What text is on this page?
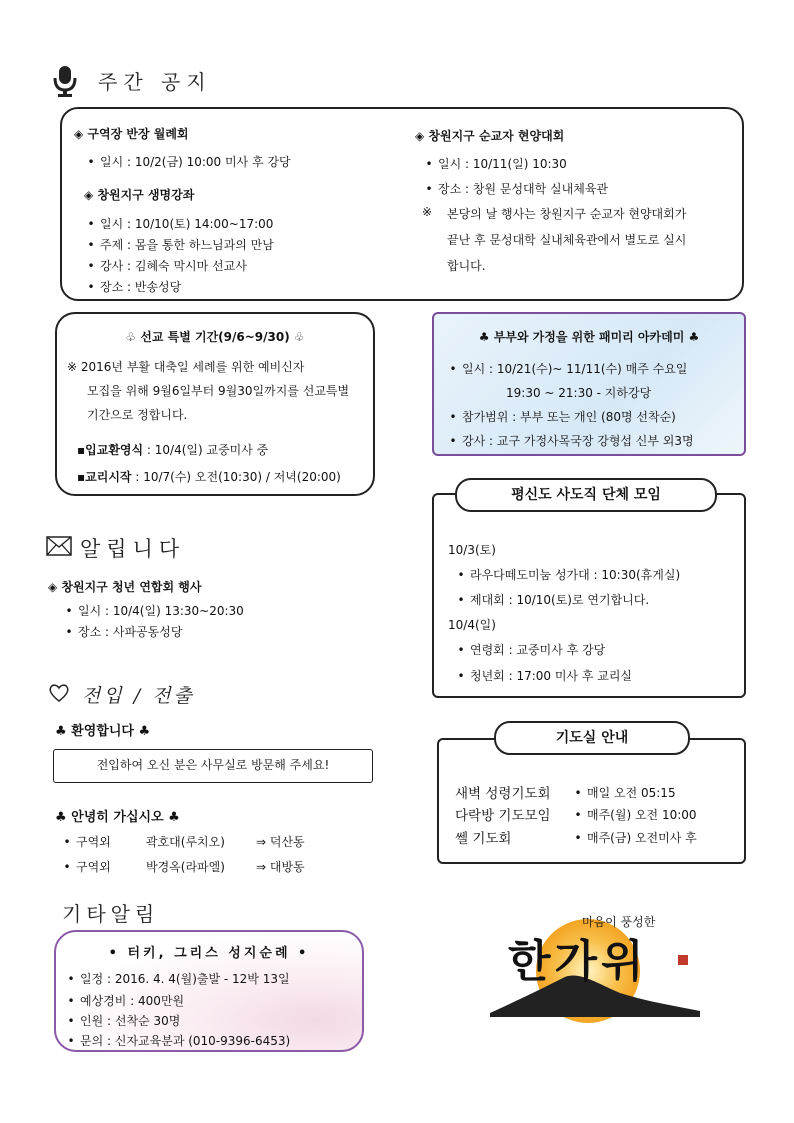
주간 공지
◈ 구역장 반장 월례회
• 일시 : 10/2(금) 10:00 미사 후 강당
◈ 창원지구 생명강좌
• 일시 : 10/10(토) 14:00~17:00
• 주제 : 몸을 통한 하느님과의 만남
• 강사 : 김혜숙 막시마 선교사
• 장소 : 반송성당
◈ 창원지구 순교자 현양대회
• 일시 : 10/11(일) 10:30
• 장소 : 창원 문성대학 실내체육관
※ 본당의 날 행사는 창원지구 순교자 현양대회가
끝난 후 문성대학 실내체육관에서 별도로 실시
합니다.
♧ 선교 특별 기간(9/6~9/30) ♧
※ 2016년 부활 대축일 세례를 위한 예비신자
모집을 위해 9월6일부터 9월30일까지를 선교특별
기간으로 정합니다.
▪입교환영식 : 10/4(일) 교중미사 중
▪교리시작 : 10/7(수) 오전(10:30) / 저녁(20:00)
♣ 부부와 가정을 위한 패미리 아카데미 ♣
• 일시 : 10/21(수)~ 11/11(수) 매주 수요일
19:30 ~ 21:30 - 지하강당
• 참가범위 : 부부 또는 개인 (80명 선착순)
• 강사 : 교구 가정사목국장 강형섭 신부 외3명
알립니다
◈ 창원지구 청년 연합회 행사
• 일시 : 10/4(일) 13:30~20:30
• 장소 : 사파공동성당
전입 / 전출
♣ 환영합니다 ♣
전입하여 오신 분은 사무실로 방문해 주세요!
♣ 안녕히 가십시오 ♣
• 구역외	곽호대(루치오)	⇒ 덕산동
• 구역외	박경옥(라파엘)	⇒ 대방동
10/3(토)
• 라우다떼도미눔 성가대 : 10:30(휴게실)
• 제대회 : 10/10(토)로 연기합니다.
10/4(일)
• 연령회 : 교중미사 후 강당
• 청년회 : 17:00 미사 후 교리실
평신도 사도직 단체 모임
새벽 성령기도회	• 매일 오전 05:15
다락방 기도모임	• 매주(월) 오전 10:00
쎌 기도회	• 매주(금) 오전미사 후
기도실 안내
기타알림
• 터키, 그리스 성지순례 •
• 일정 : 2016. 4. 4(월)출발 - 12박 13일
• 예상경비 : 400만원
• 인원 : 선착순 30명
• 문의 : 신자교육분과 (010-9396-6453)
마음이 풍성한
한가위
